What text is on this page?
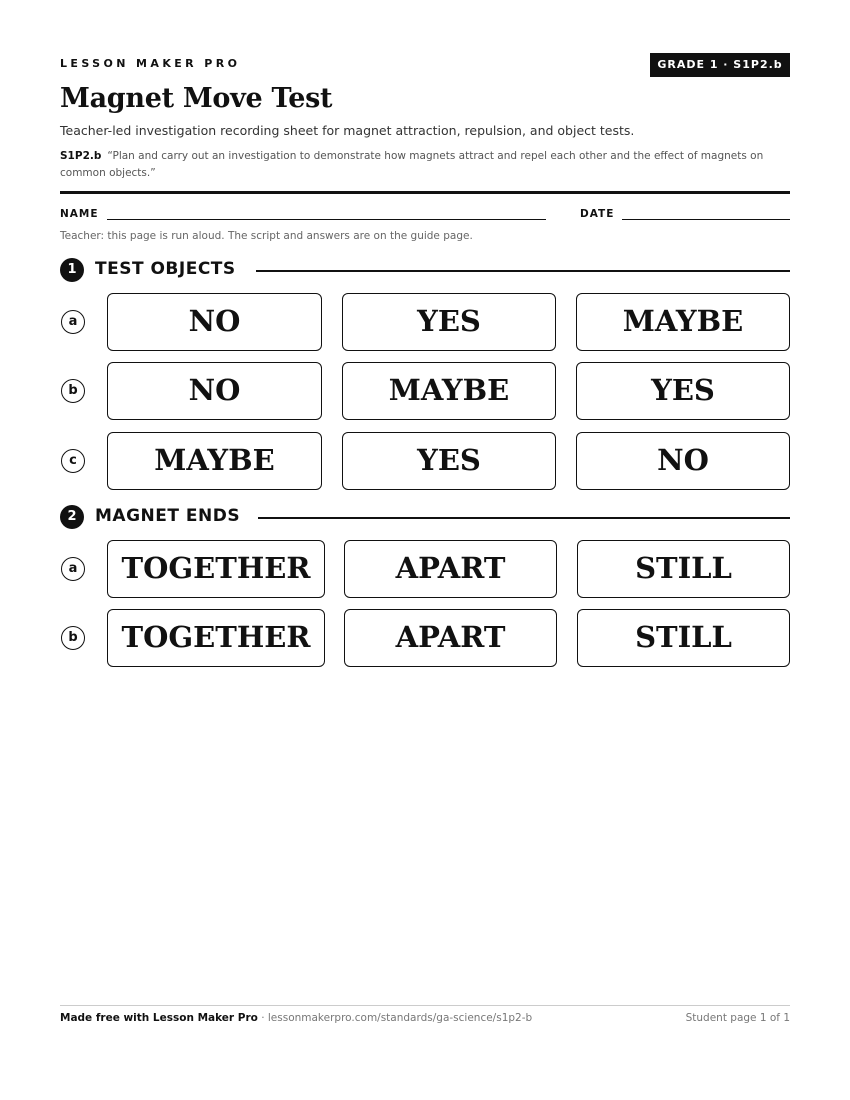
LESSON MAKER PRO	GRADE 1 · S1P2.b
Magnet Move Test
Teacher-led investigation recording sheet for magnet attraction, repulsion, and object tests.
S1P2.b “Plan and carry out an investigation to demonstrate how magnets attract and repel each other and the effect of magnets on common objects.”
NAME	DATE
Teacher: this page is run aloud. The script and answers are on the guide page.
1	TEST OBJECTS
a	NO	YES	MAYBE
b	NO	MAYBE	YES
c	MAYBE	YES	NO
2	MAGNET ENDS
a	TOGETHER	APART	STILL
b	TOGETHER	APART	STILL
Made free with Lesson Maker Pro · lessonmakerpro.com/standards/ga-science/s1p2-b	Student page 1 of 1
